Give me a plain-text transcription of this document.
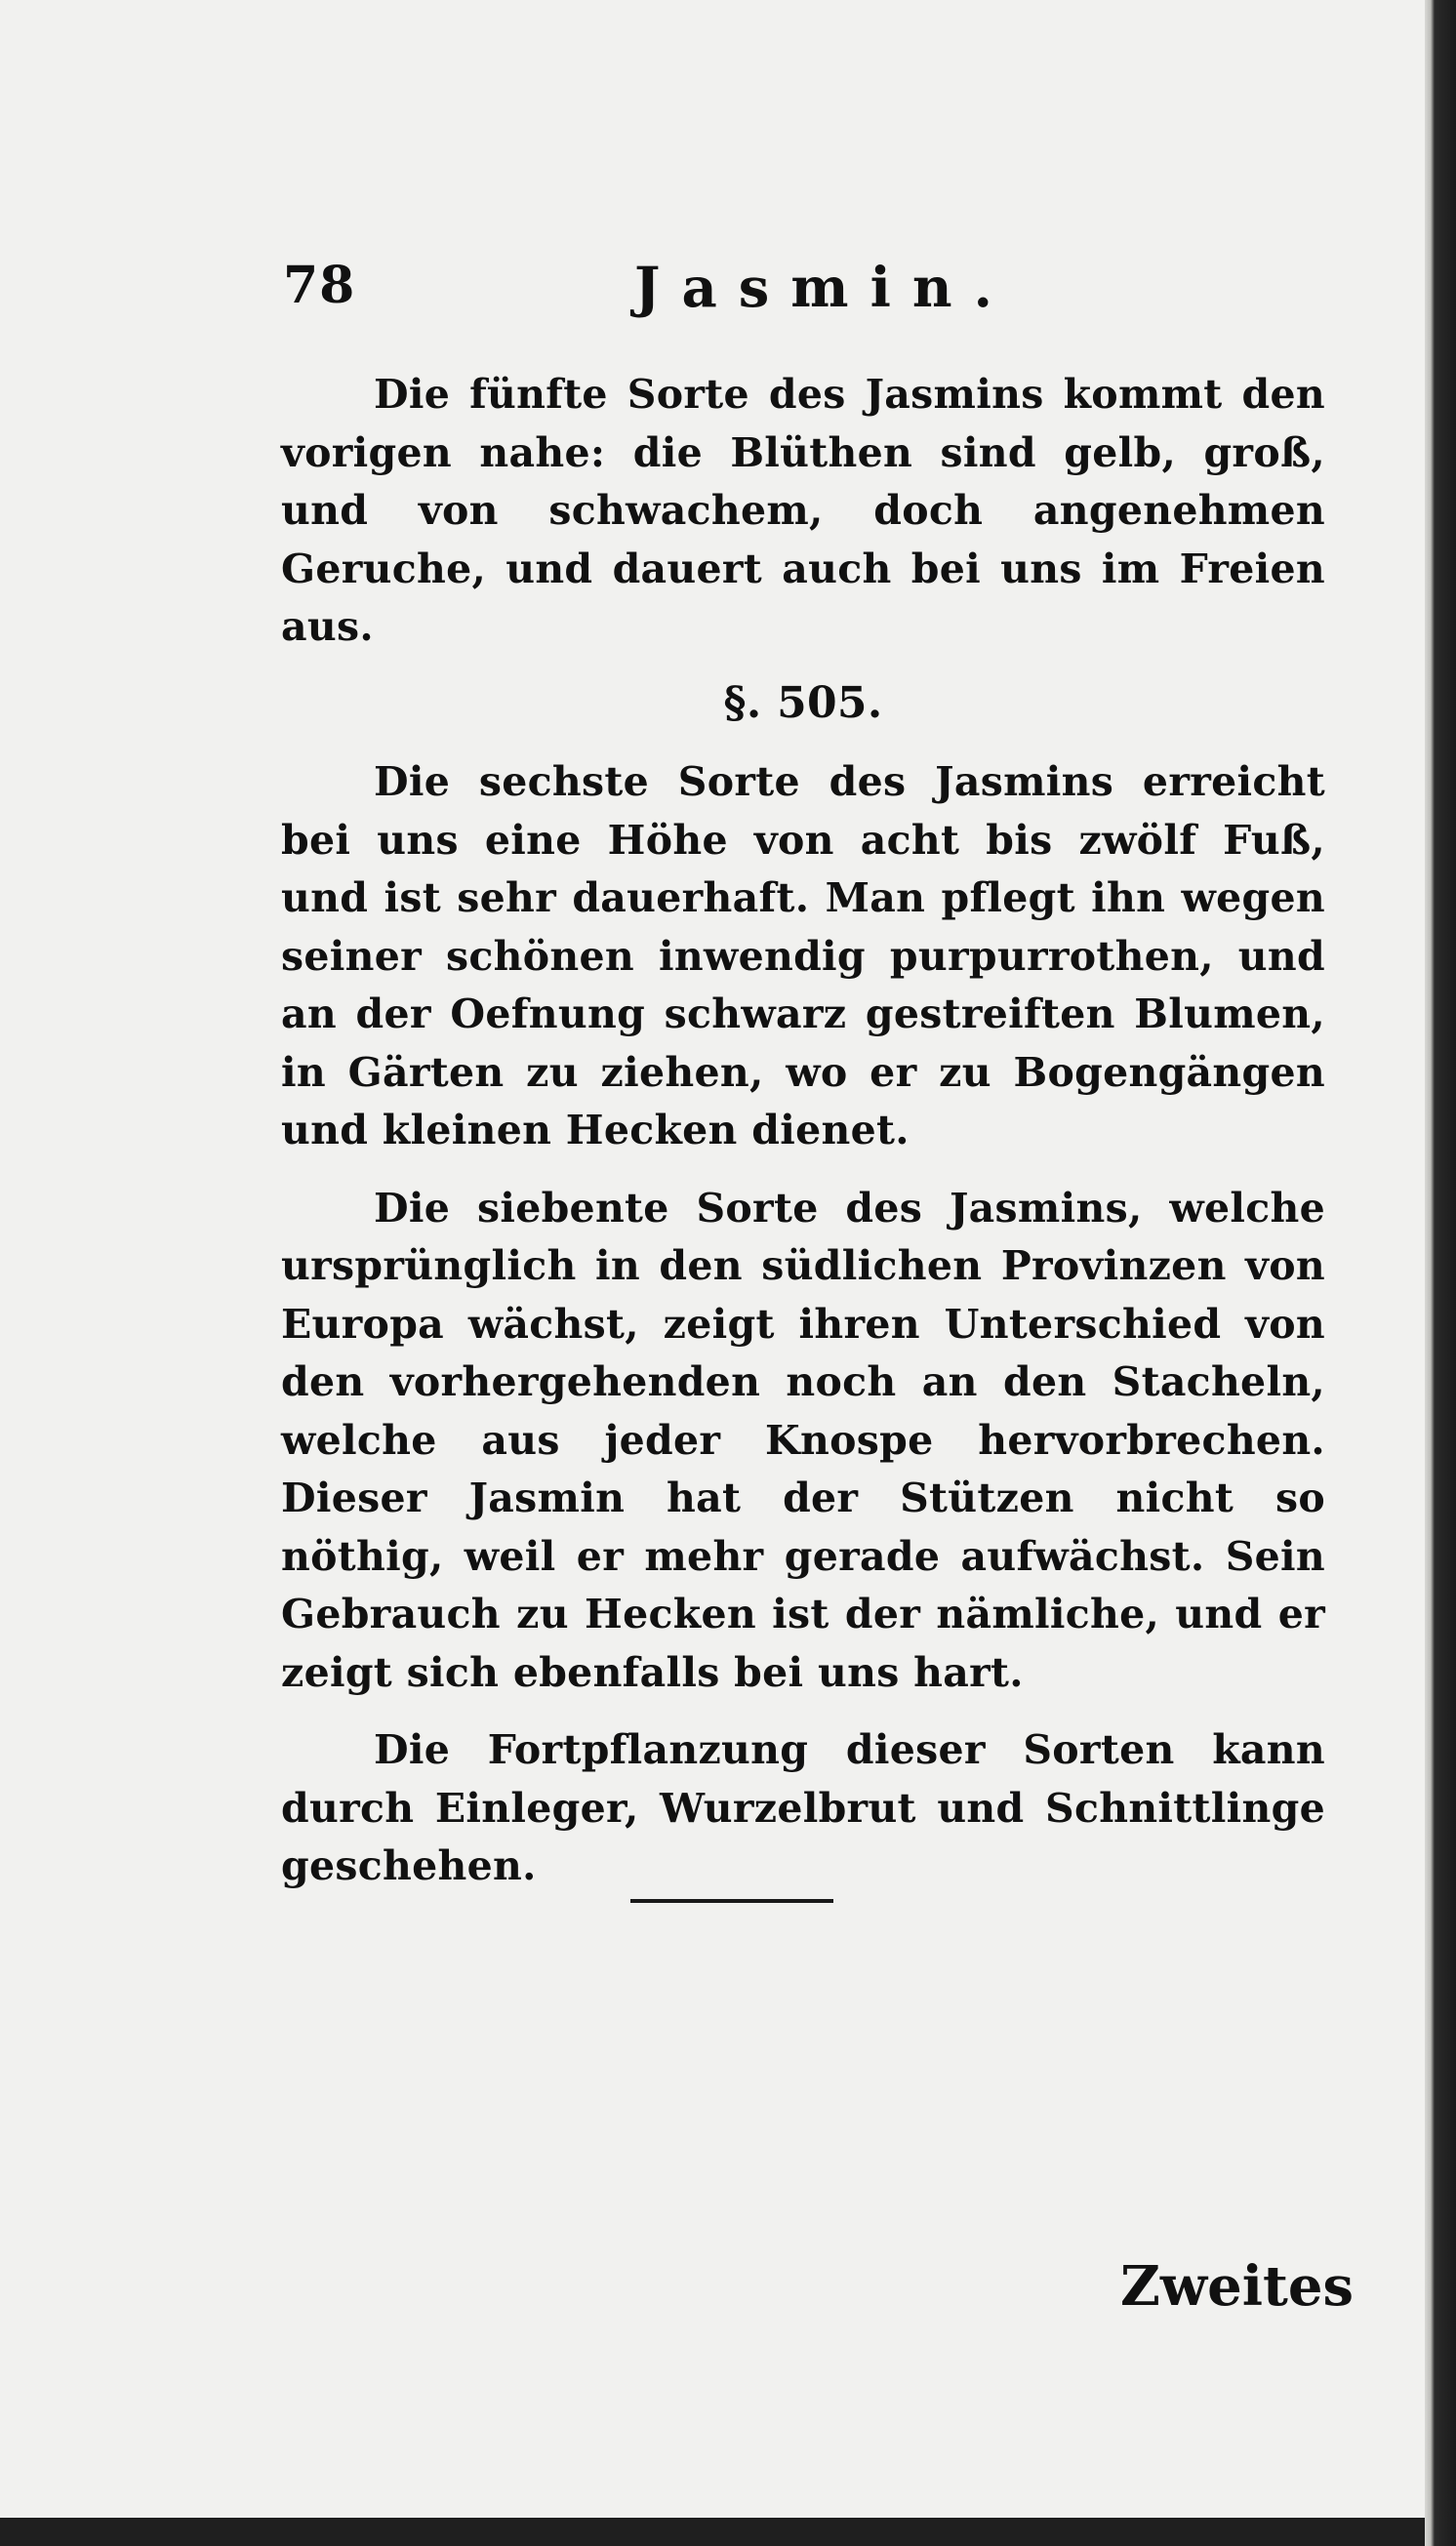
78	Jasmin.

Die fünfte Sorte des Jasmins kommt den vorigen nahe: die Blüthen sind gelb, groß, und von schwachem, doch angenehmen Geruche, und dauert auch bei uns im Freien aus.

§. 505.

Die sechste Sorte des Jasmins erreicht bei uns eine Höhe von acht bis zwölf Fuß, und ist sehr dauerhaft. Man pflegt ihn wegen seiner schönen inwendig purpurrothen, und an der Oefnung schwarz gestreiften Blumen, in Gärten zu ziehen, wo er zu Bogengängen und kleinen Hecken dienet.

Die siebente Sorte des Jasmins, welche ursprünglich in den südlichen Provinzen von Europa wächst, zeigt ihren Unterschied von den vorhergehenden noch an den Stacheln, welche aus jeder Knospe hervorbrechen. Dieser Jasmin hat der Stützen nicht so nöthig, weil er mehr gerade aufwächst. Sein Gebrauch zu Hecken ist der nämliche, und er zeigt sich ebenfalls bei uns hart.

Die Fortpflanzung dieser Sorten kann durch Einleger, Wurzelbrut und Schnittlinge geschehen.

Zweites
